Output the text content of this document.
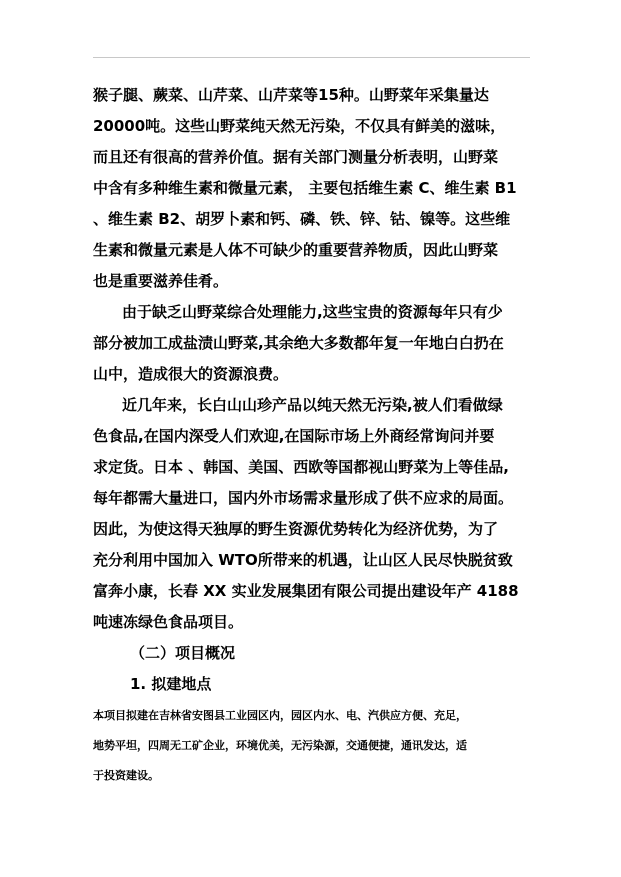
猴子腿、蕨菜、山芹菜、山芹菜等15种。山野菜年采集量达
20000吨。这些山野菜纯天然无污染，不仅具有鲜美的滋味，
而且还有很高的营养价值。据有关部门测量分析表明，山野菜
中含有多种维生素和微量元素， 主要包括维生素 C、维生素 B1
、维生素 B2、胡罗卜素和钙、磷、铁、锌、钴、镍等。这些维
生素和微量元素是人体不可缺少的重要营养物质，因此山野菜
也是重要滋养佳肴。
由于缺乏山野菜综合处理能力,这些宝贵的资源每年只有少
部分被加工成盐渍山野菜,其余绝大多数都年复一年地白白扔在
山中，造成很大的资源浪费。
近几年来，长白山山珍产品以纯天然无污染,被人们看做绿
色食品,在国内深受人们欢迎,在国际市场上外商经常询问并要
求定货。日本 、韩国、美国、西欧等国都视山野菜为上等佳品,
每年都需大量进口，国内外市场需求量形成了供不应求的局面。
因此，为使这得天独厚的野生资源优势转化为经济优势，为了
充分利用中国加入 WTO所带来的机遇，让山区人民尽快脱贫致
富奔小康，长春 XX 实业发展集团有限公司提出建设年产 4188
吨速冻绿色食品项目。
（二）项目概况
1. 拟建地点
本项目拟建在吉林省安图县工业园区内，园区内水、电、汽供应方便、充足，
地势平坦，四周无工矿企业，环境优美，无污染源，交通便捷，通讯发达，适
于投资建设。
